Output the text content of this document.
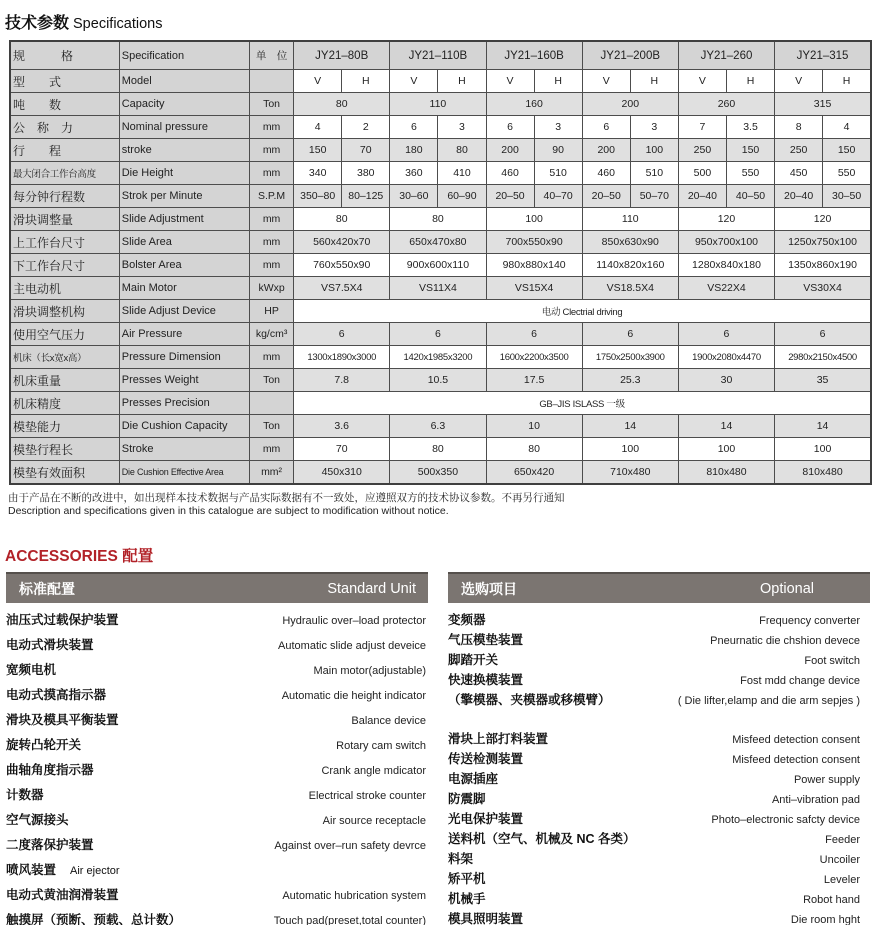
技术参数 Specifications
规　　　格	Specification	单　位	JY21–80B		JY21–110B		JY21–160B		JY21–200B		JY21–260		JY21–315	
型　　式	Model		V	H	V	H	V	H	V	H	V	H	V	H
吨　　数	Capacity	Ton	80		110		160		200		260		315	
公　称　力	Nominal pressure	mm	4	2	6	3	6	3	6	3	7	3.5	8	4
行　　程	stroke	mm	150	70	180	80	200	90	200	100	250	150	250	150
最大闭合工作台高度	Die Height	mm	340	380	360	410	460	510	460	510	500	550	450	550
每分钟行程数	Strok per Minute	S.P.M	350–80	80–125	30–60	60–90	20–50	40–70	20–50	50–70	20–40	40–50	20–40	30–50
滑块调整量	Slide Adjustment	mm	80		80		100		110		120		120	
上工作台尺寸	Slide Area	mm	560x420x70		650x470x80		700x550x90		850x630x90		950x700x100		1250x750x100	
下工作台尺寸	Bolster Area	mm	760x550x90		900x600x110		980x880x140		1140x820x160		1280x840x180		1350x860x190	
主电动机	Main Motor	kWxp	VS7.5X4		VS11X4		VS15X4		VS18.5X4		VS22X4		VS30X4	
滑块调整机构	Slide Adjust Device	HP	电动 Clectrial driving											
使用空气压力	Air Pressure	kg/cm³	6		6		6		6		6		6	
机床（长x宽x高）	Pressure Dimension	mm	1300x1890x3000		1420x1985x3200		1600x2200x3500		1750x2500x3900		1900x2080x4470		2980x2150x4500	
机床重量	Presses Weight	Ton	7.8		10.5		17.5		25.3		30		35	
机床精度	Presses Precision		GB–JIS ISLASS 一级											
模垫能力	Die Cushion Capacity	Ton	3.6		6.3		10		14		14		14	
模垫行程长	Stroke	mm	70		80		80		100		100		100	
模垫有效面积	Die Cushion Effective Area	mm²	450x310		500x350		650x420		710x480		810x480		810x480	
由于产品在不断的改进中，如出现样本技术数据与产品实际数据有不一致处，应遵照双方的技术协议参数。不再另行通知
Description and specifications given in this catalogue are subject to modification without notice.
ACCESSORIES 配置
标准配置	Standard Unit
油压式过载保护装置	Hydraulic over–load protector
电动式滑块装置	Automatic slide adjust deveice
宽频电机	Main motor(adjustable)
电动式摸高指示器	Automatic die height indicator
滑块及模具平衡装置	Balance device
旋转凸轮开关	Rotary cam switch
曲轴角度指示器	Crank angle mdicator
计数器	Electrical stroke counter
空气源接头	Air source receptacle
二度落保护装置	Against over–run safety devrce
喷风装置 Air ejector
电动式黄油润滑装置	Automatic hubrication system
触摸屏（预断、预载、总计数）	Touch pad(preset,total counter)
选购项目	Optional
变频器	Frequency converter
气压模垫装置	Pneurnatic die chshion devece
脚踏开关	Foot switch
快速换模装置	Fost mdd change device
（擎模器、夹模器或移模臂）	( Die lifter,elamp and die arm sepjes )
滑块上部打料装置	Misfeed detection consent
传送检测装置	Misfeed detection consent
电源插座	Power supply
防震脚	Anti–vibration pad
光电保护装置	Photo–electronic safcty device
送料机（空气、机械及 NC 各类）	Feeder
料架	Uncoiler
矫平机	Leveler
机械手	Robot hand
模具照明装置	Die room hght
